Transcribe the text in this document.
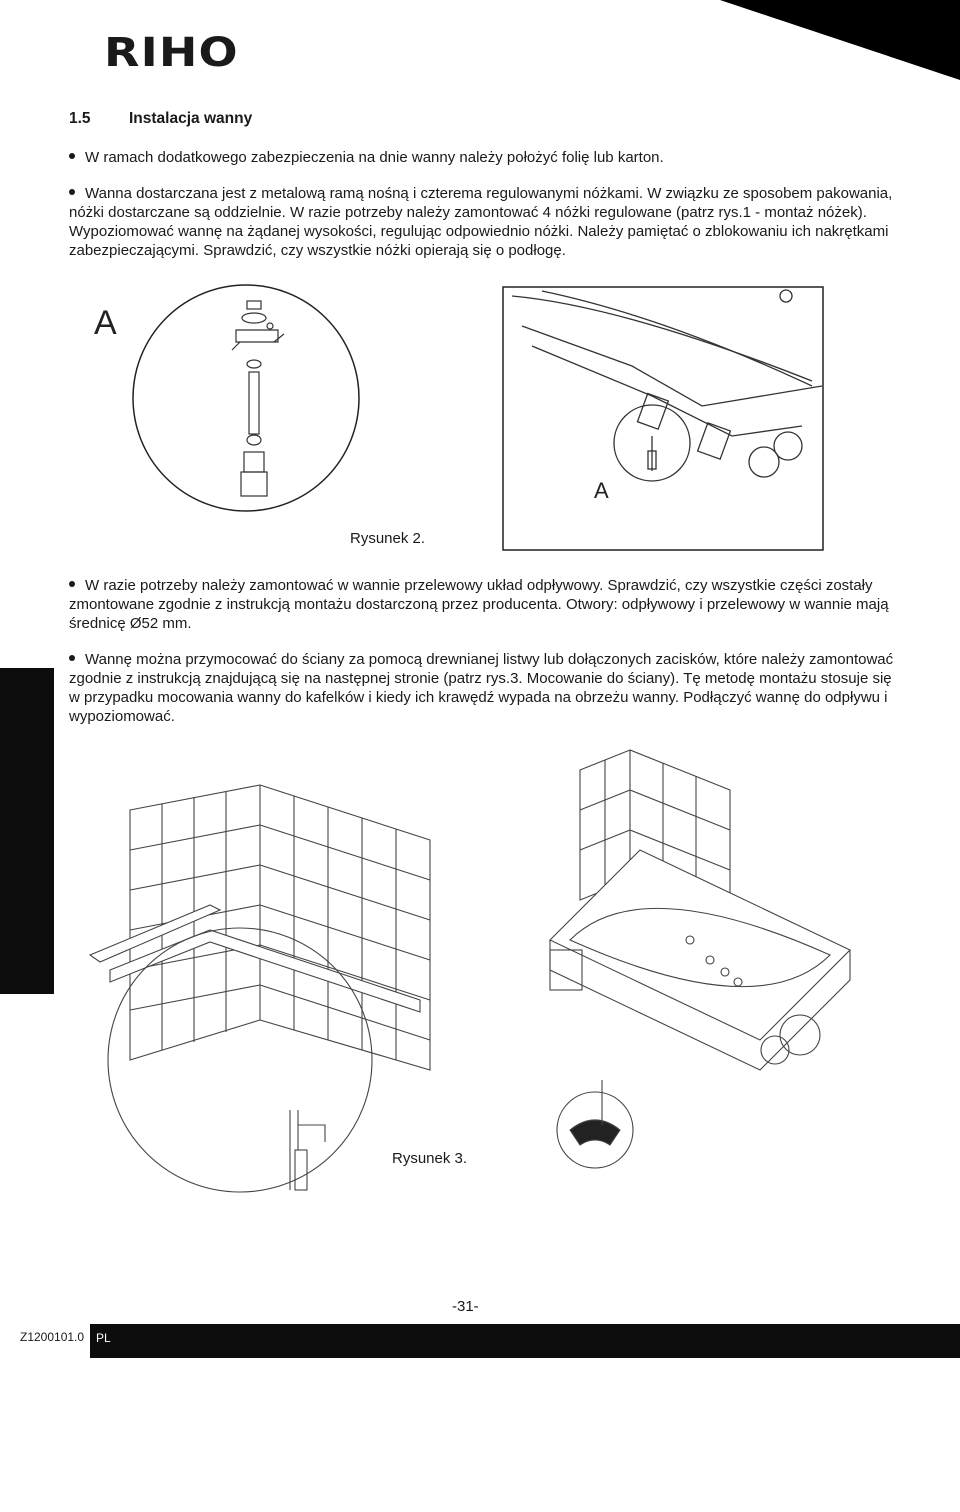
RIHO
1.5 Instalacja wanny
W ramach dodatkowego zabezpieczenia na dnie wanny należy położyć folię lub karton.
Wanna dostarczana jest z metalową ramą nośną i czterema regulowanymi nóżkami. W związku ze sposobem pakowania, nóżki dostarczane są oddzielnie. W razie potrzeby należy zamontować 4 nóżki regulowane (patrz rys.1 - montaż nóżek). Wypoziomować wannę na żądanej wysokości, regulując odpowiednio nóżki. Należy pamiętać o zblokowaniu ich nakrętkami zabezpieczającymi. Sprawdzić, czy wszystkie nóżki opierają się o podłogę.
A
A
Rysunek 2.
W razie potrzeby należy zamontować w wannie przelewowy układ odpływowy. Sprawdzić, czy wszystkie części zostały zmontowane zgodnie z instrukcją montażu dostarczoną przez producenta. Otwory: odpływowy i przelewowy w wannie mają średnicę Ø52 mm.
Wannę można przymocować do ściany za pomocą drewnianej listwy lub dołączonych zacisków, które należy zamontować zgodnie z instrukcją znajdującą się na następnej stronie (patrz rys.3. Mocowanie do ściany). Tę metodę montażu stosuje się w przypadku mocowania wanny do kafelków i kiedy ich krawędź wypada na obrzeżu wanny. Podłączyć wannę do odpływu i wypoziomować.
PL
Rysunek 3.
-31-
Z1200101.0 PL
